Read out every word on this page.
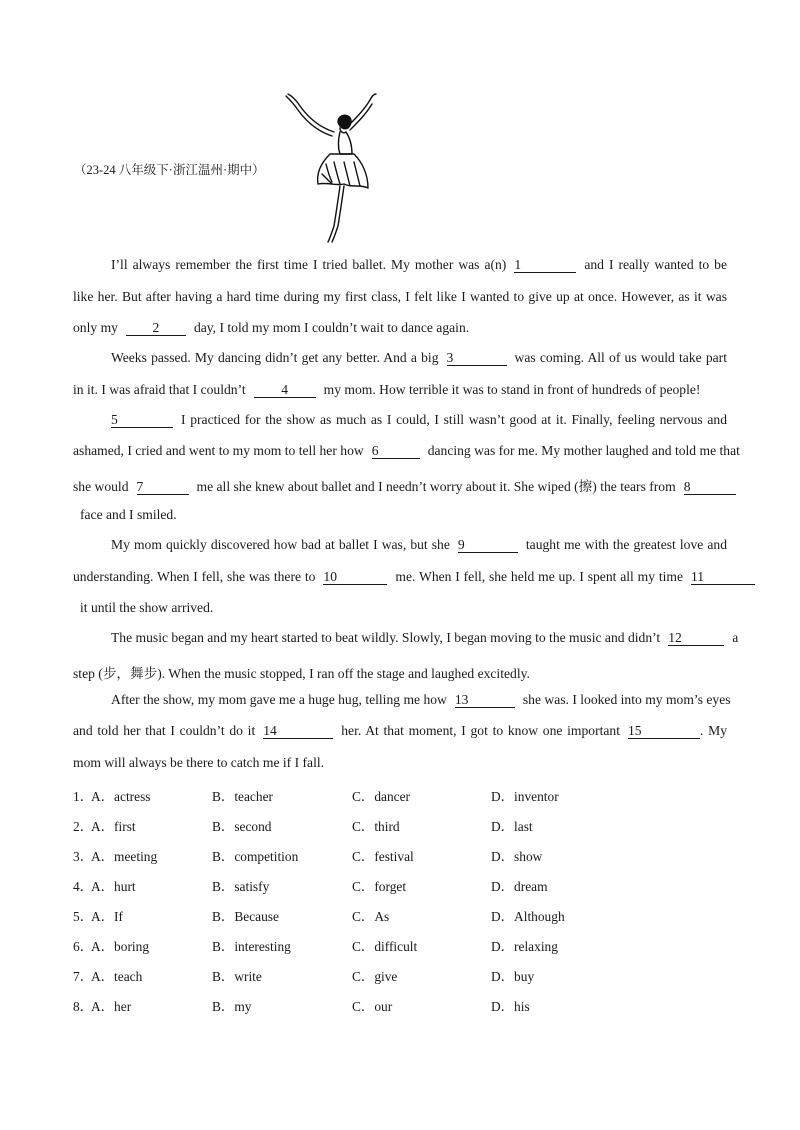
（23-24 八年级下·浙江温州·期中）
I’ll always remember the first time I tried ballet. My mother was a(n) 1	and I really wanted to be
like her. But after having a hard time during my first class, I felt like I wanted to give up at once. However, as it was
only my	2	day, I told my mom I couldn’t wait to dance again.
Weeks passed. My dancing didn’t get any better. And a big 3	was coming. All of us would take part
in it. I was afraid that I couldn’t	4	my mom. How terrible it was to stand in front of hundreds of people!
5	I practiced for the show as much as I could, I still wasn’t good at it. Finally, feeling nervous and
ashamed, I cried and went to my mom to tell her how 6	dancing was for me. My mother laughed and told me that
she would 7	me all she knew about ballet and I needn’t worry about it. She wiped (擦) the tears from 8
face and I smiled.
My mom quickly discovered how bad at ballet I was, but she 9	taught me with the greatest love and
understanding. When I fell, she was there to 10	me. When I fell, she held me up. I spent all my time 11
it until the show arrived.
The music began and my heart started to beat wildly. Slowly, I began moving to the music and didn’t 12	a
step (步，舞步). When the music stopped, I ran off the stage and laughed excitedly.
After the show, my mom gave me a huge hug, telling me how 13	she was. I looked into my mom’s eyes
and told her that I couldn’t do it 14	her. At that moment, I got to know one important 15	. My
mom will always be there to catch me if I fall.
1．
A．actress	B．teacher	C．dancer	D．inventor
2．
A．first	B．second	C．third	D．last
3．
A．meeting	B．competition	C．festival	D．show
4．
A．hurt	B．satisfy	C．forget	D．dream
5．
A．If	B．Because	C．As	D．Although
6．
A．boring	B．interesting	C．difficult	D．relaxing
7．
A．teach	B．write	C．give	D．buy
8．
A．her	B．my	C．our	D．his
